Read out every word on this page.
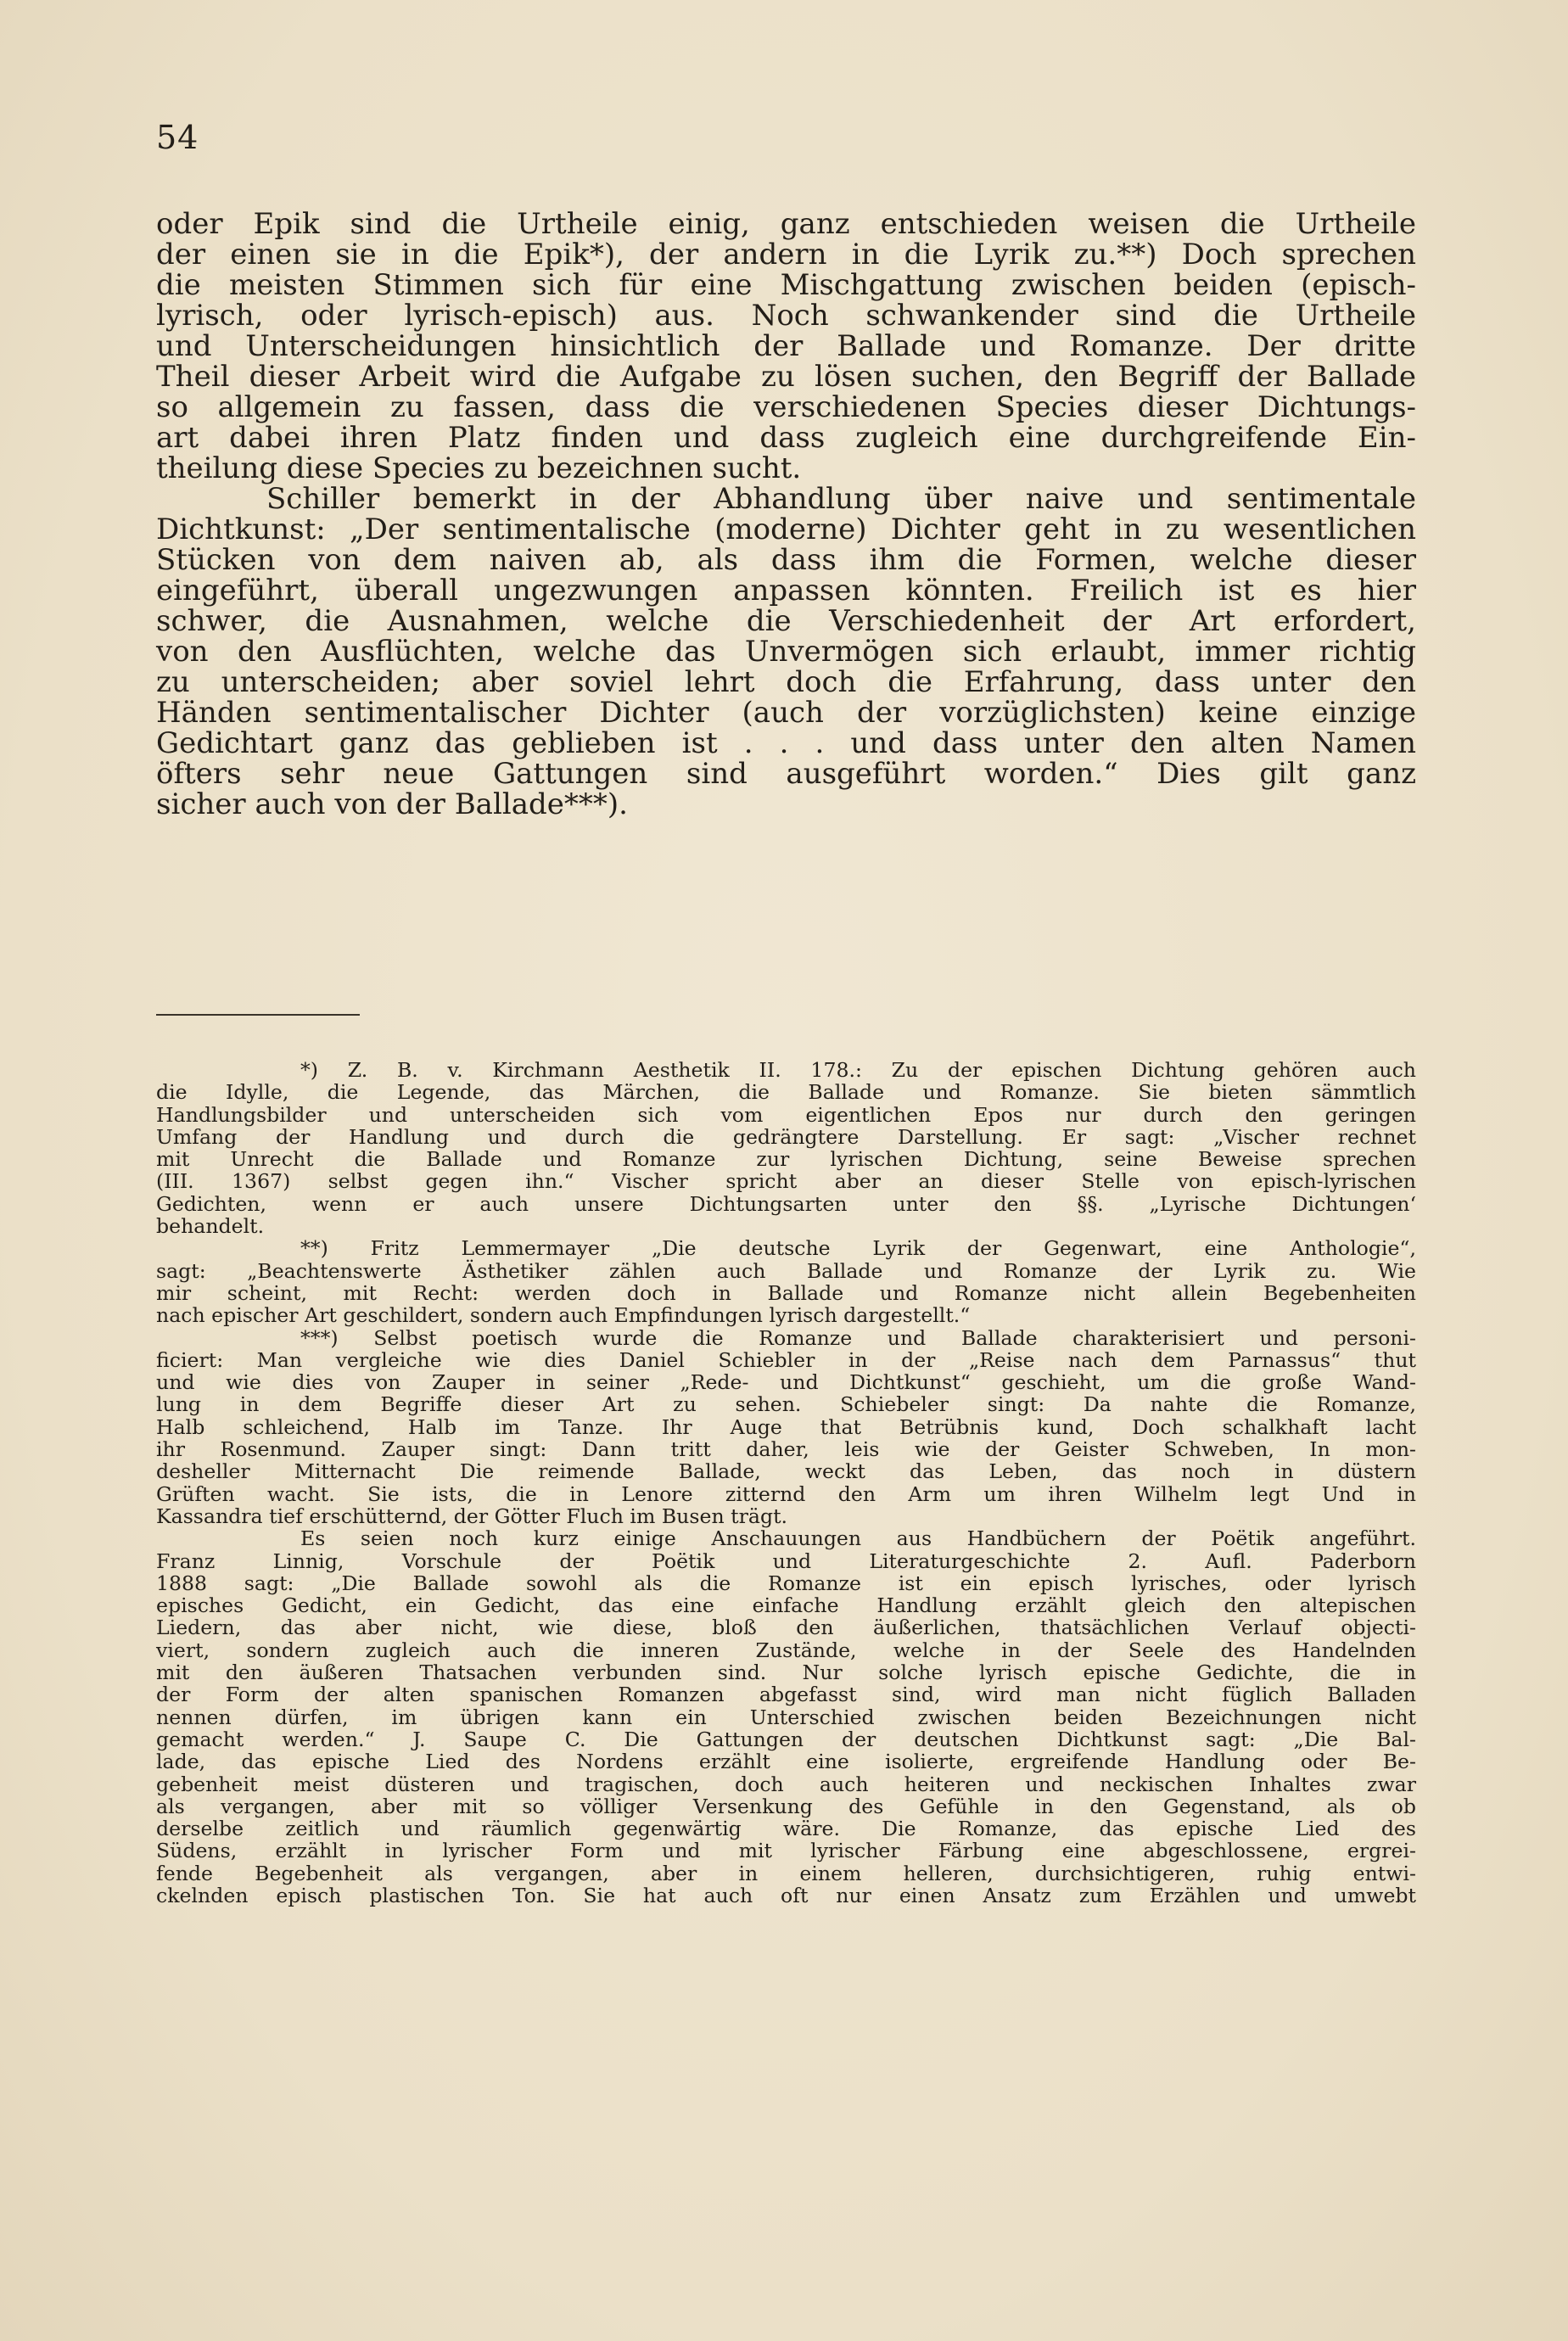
54
oder Epik sind die Urtheile einig, ganz entschieden weisen die Urtheile
der einen sie in die Epik*), der andern in die Lyrik zu.**) Doch sprechen
die meisten Stimmen sich für eine Mischgattung zwischen beiden (episch-
lyrisch, oder lyrisch-episch) aus. Noch schwankender sind die Urtheile
und Unterscheidungen hinsichtlich der Ballade und Romanze. Der dritte
Theil dieser Arbeit wird die Aufgabe zu lösen suchen, den Begriff der Ballade
so allgemein zu fassen, dass die verschiedenen Species dieser Dichtungs-
art dabei ihren Platz finden und dass zugleich eine durchgreifende Ein-
theilung diese Species zu bezeichnen sucht.
Schiller bemerkt in der Abhandlung über naive und sentimentale
Dichtkunst: „Der sentimentalische (moderne) Dichter geht in zu wesentlichen
Stücken von dem naiven ab, als dass ihm die Formen, welche dieser
eingeführt, überall ungezwungen anpassen könnten. Freilich ist es hier
schwer, die Ausnahmen, welche die Verschiedenheit der Art erfordert,
von den Ausflüchten, welche das Unvermögen sich erlaubt, immer richtig
zu unterscheiden; aber soviel lehrt doch die Erfahrung, dass unter den
Händen sentimentalischer Dichter (auch der vorzüglichsten) keine einzige
Gedichtart ganz das geblieben ist . . . und dass unter den alten Namen
öfters sehr neue Gattungen sind ausgeführt worden.“ Dies gilt ganz
sicher auch von der Ballade***).
*) Z. B. v. Kirchmann Aesthetik II. 178.: Zu der epischen Dichtung gehören auch
die Idylle, die Legende, das Märchen, die Ballade und Romanze. Sie bieten sämmtlich
Handlungsbilder und unterscheiden sich vom eigentlichen Epos nur durch den geringen
Umfang der Handlung und durch die gedrängtere Darstellung. Er sagt: „Vischer rechnet
mit Unrecht die Ballade und Romanze zur lyrischen Dichtung, seine Beweise sprechen
(III. 1367) selbst gegen ihn.“ Vischer spricht aber an dieser Stelle von episch-lyrischen
Gedichten, wenn er auch unsere Dichtungsarten unter den §§. „Lyrische Dichtungen‘
behandelt.
**) Fritz Lemmermayer „Die deutsche Lyrik der Gegenwart, eine Anthologie“,
sagt: „Beachtenswerte Ästhetiker zählen auch Ballade und Romanze der Lyrik zu. Wie
mir scheint, mit Recht: werden doch in Ballade und Romanze nicht allein Begebenheiten
nach epischer Art geschildert, sondern auch Empfindungen lyrisch dargestellt.“
***) Selbst poetisch wurde die Romanze und Ballade charakterisiert und personi-
ficiert: Man vergleiche wie dies Daniel Schiebler in der „Reise nach dem Parnassus“ thut
und wie dies von Zauper in seiner „Rede- und Dichtkunst“ geschieht, um die große Wand-
lung in dem Begriffe dieser Art zu sehen. Schiebeler singt: Da nahte die Romanze,
Halb schleichend, Halb im Tanze. Ihr Auge that Betrübnis kund, Doch schalkhaft lacht
ihr Rosenmund. Zauper singt: Dann tritt daher, leis wie der Geister Schweben, In mon-
desheller Mitternacht Die reimende Ballade, weckt das Leben, das noch in düstern
Grüften wacht. Sie ists, die in Lenore zitternd den Arm um ihren Wilhelm legt Und in
Kassandra tief erschütternd, der Götter Fluch im Busen trägt.
Es seien noch kurz einige Anschauungen aus Handbüchern der Poëtik angeführt.
Franz Linnig, Vorschule der Poëtik und Literaturgeschichte 2. Aufl. Paderborn
1888 sagt: „Die Ballade sowohl als die Romanze ist ein episch lyrisches, oder lyrisch
episches Gedicht, ein Gedicht, das eine einfache Handlung erzählt gleich den altepischen
Liedern, das aber nicht, wie diese, bloß den äußerlichen, thatsächlichen Verlauf objecti-
viert, sondern zugleich auch die inneren Zustände, welche in der Seele des Handelnden
mit den äußeren Thatsachen verbunden sind. Nur solche lyrisch epische Gedichte, die in
der Form der alten spanischen Romanzen abgefasst sind, wird man nicht füglich Balladen
nennen dürfen, im übrigen kann ein Unterschied zwischen beiden Bezeichnungen nicht
gemacht werden.“ J. Saupe C. Die Gattungen der deutschen Dichtkunst sagt: „Die Bal-
lade, das epische Lied des Nordens erzählt eine isolierte, ergreifende Handlung oder Be-
gebenheit meist düsteren und tragischen, doch auch heiteren und neckischen Inhaltes zwar
als vergangen, aber mit so völliger Versenkung des Gefühle in den Gegenstand, als ob
derselbe zeitlich und räumlich gegenwärtig wäre. Die Romanze, das epische Lied des
Südens, erzählt in lyrischer Form und mit lyrischer Färbung eine abgeschlossene, ergrei-
fende Begebenheit als vergangen, aber in einem helleren, durchsichtigeren, ruhig entwi-
ckelnden episch plastischen Ton. Sie hat auch oft nur einen Ansatz zum Erzählen und umwebt
